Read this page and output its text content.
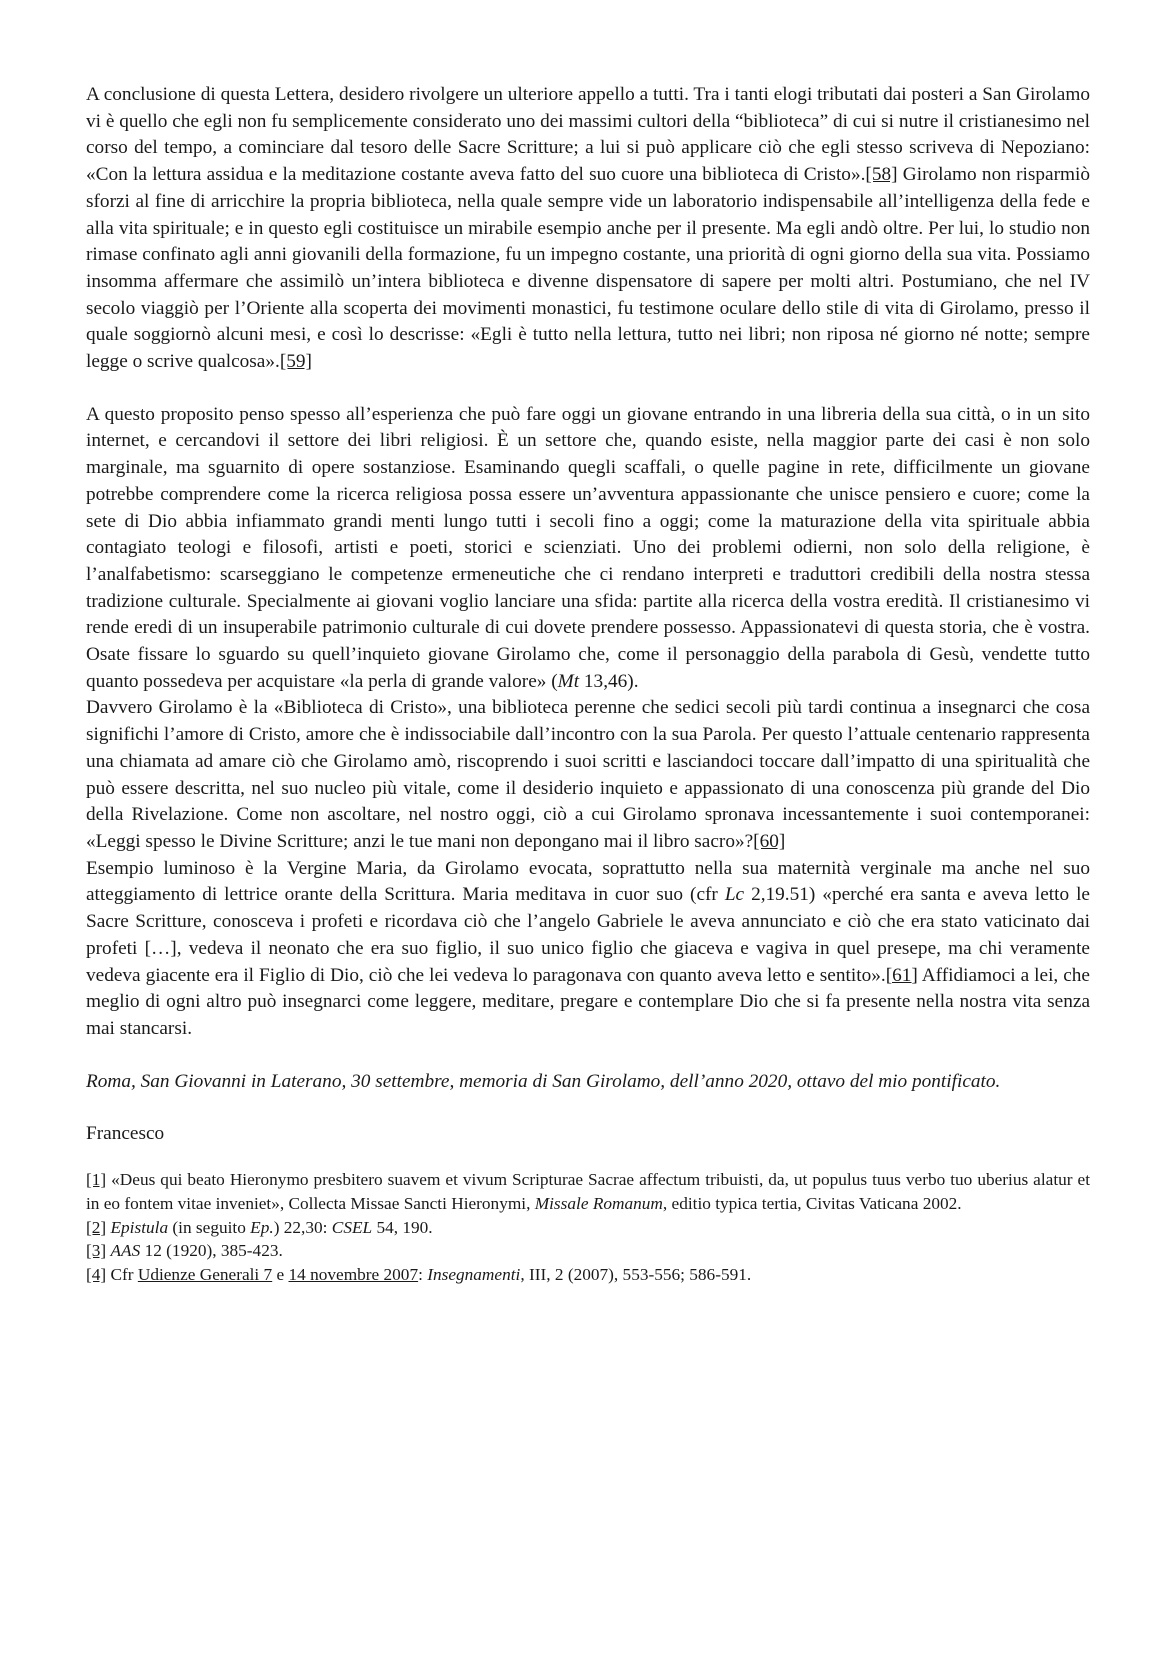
A conclusione di questa Lettera, desidero rivolgere un ulteriore appello a tutti. Tra i tanti elogi tributati dai posteri a San Girolamo vi è quello che egli non fu semplicemente considerato uno dei massimi cultori della “biblioteca” di cui si nutre il cristianesimo nel corso del tempo, a cominciare dal tesoro delle Sacre Scritture; a lui si può applicare ciò che egli stesso scriveva di Nepoziano: «Con la lettura assidua e la meditazione costante aveva fatto del suo cuore una biblioteca di Cristo».[58] Girolamo non risparmiò sforzi al fine di arricchire la propria biblioteca, nella quale sempre vide un laboratorio indispensabile all’intelligenza della fede e alla vita spirituale; e in questo egli costituisce un mirabile esempio anche per il presente. Ma egli andò oltre. Per lui, lo studio non rimase confinato agli anni giovanili della formazione, fu un impegno costante, una priorità di ogni giorno della sua vita. Possiamo insomma affermare che assimilò un’intera biblioteca e divenne dispensatore di sapere per molti altri. Postumiano, che nel IV secolo viaggiò per l’Oriente alla scoperta dei movimenti monastici, fu testimone oculare dello stile di vita di Girolamo, presso il quale soggiornò alcuni mesi, e così lo descrisse: «Egli è tutto nella lettura, tutto nei libri; non riposa né giorno né notte; sempre legge o scrive qualcosa».[59]

A questo proposito penso spesso all’esperienza che può fare oggi un giovane entrando in una libreria della sua città, o in un sito internet, e cercandovi il settore dei libri religiosi. È un settore che, quando esiste, nella maggior parte dei casi è non solo marginale, ma sguarnito di opere sostanziose. Esaminando quegli scaffali, o quelle pagine in rete, difficilmente un giovane potrebbe comprendere come la ricerca religiosa possa essere un’avventura appassionante che unisce pensiero e cuore; come la sete di Dio abbia infiammato grandi menti lungo tutti i secoli fino a oggi; come la maturazione della vita spirituale abbia contagiato teologi e filosofi, artisti e poeti, storici e scienziati. Uno dei problemi odierni, non solo della religione, è l’analfabetismo: scarseggiano le competenze ermeneutiche che ci rendano interpreti e traduttori credibili della nostra stessa tradizione culturale. Specialmente ai giovani voglio lanciare una sfida: partite alla ricerca della vostra eredità. Il cristianesimo vi rende eredi di un insuperabile patrimonio culturale di cui dovete prendere possesso. Appassionatevi di questa storia, che è vostra. Osate fissare lo sguardo su quell’inquieto giovane Girolamo che, come il personaggio della parabola di Gesù, vendette tutto quanto possedeva per acquistare «la perla di grande valore» (Mt 13,46).

Davvero Girolamo è la «Biblioteca di Cristo», una biblioteca perenne che sedici secoli più tardi continua a insegnarci che cosa significhi l’amore di Cristo, amore che è indissociabile dall’incontro con la sua Parola. Per questo l’attuale centenario rappresenta una chiamata ad amare ciò che Girolamo amò, riscoprendo i suoi scritti e lasciandoci toccare dall’impatto di una spiritualità che può essere descritta, nel suo nucleo più vitale, come il desiderio inquieto e appassionato di una conoscenza più grande del Dio della Rivelazione. Come non ascoltare, nel nostro oggi, ciò a cui Girolamo spronava incessantemente i suoi contemporanei: «Leggi spesso le Divine Scritture; anzi le tue mani non depongano mai il libro sacro»?[60]

Esempio luminoso è la Vergine Maria, da Girolamo evocata, soprattutto nella sua maternità verginale ma anche nel suo atteggiamento di lettrice orante della Scrittura. Maria meditava in cuor suo (cfr Lc 2,19.51) «perché era santa e aveva letto le Sacre Scritture, conosceva i profeti e ricordava ciò che l’angelo Gabriele le aveva annunciato e ciò che era stato vaticinato dai profeti […], vedeva il neonato che era suo figlio, il suo unico figlio che giaceva e vagiva in quel presepe, ma chi veramente vedeva giacente era il Figlio di Dio, ciò che lei vedeva lo paragonava con quanto aveva letto e sentito».[61] Affidiamoci a lei, che meglio di ogni altro può insegnarci come leggere, meditare, pregare e contemplare Dio che si fa presente nella nostra vita senza mai stancarsi.

Roma, San Giovanni in Laterano, 30 settembre, memoria di San Girolamo, dell’anno 2020, ottavo del mio pontificato.

Francesco

[1] «Deus qui beato Hieronymo presbitero suavem et vivum Scripturae Sacrae affectum tribuisti, da, ut populus tuus verbo tuo uberius alatur et in eo fontem vitae inveniet», Collecta Missae Sancti Hieronymi, Missale Romanum, editio typica tertia, Civitas Vaticana 2002.

[2] Epistula (in seguito Ep.) 22,30: CSEL 54, 190.

[3] AAS 12 (1920), 385-423.

[4] Cfr Udienze Generali 7 e 14 novembre 2007: Insegnamenti, III, 2 (2007), 553-556; 586-591.
